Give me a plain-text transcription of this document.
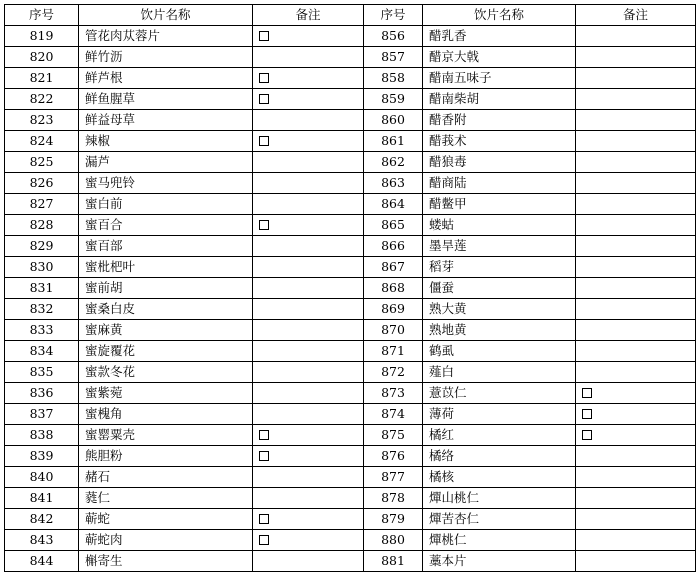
序号	饮片名称	备注	序号	饮片名称	备注
819	管花肉苁蓉片		856	醋乳香	
820	鲜竹沥		857	醋京大戟	
821	鲜芦根		858	醋南五味子	
822	鲜鱼腥草		859	醋南柴胡	
823	鲜益母草		860	醋香附	
824	辣椒		861	醋莪术	
825	漏芦		862	醋狼毒	
826	蜜马兜铃		863	醋商陆	
827	蜜白前		864	醋鳖甲	
828	蜜百合		865	蝼蛄	
829	蜜百部		866	墨旱莲	
830	蜜枇杷叶		867	稻芽	
831	蜜前胡		868	僵蚕	
832	蜜桑白皮		869	熟大黄	
833	蜜麻黄		870	熟地黄	
834	蜜旋覆花		871	鹤虱	
835	蜜款冬花		872	薤白	
836	蜜紫菀		873	薏苡仁	
837	蜜槐角		874	薄荷	
838	蜜罂粟壳		875	橘红	
839	熊胆粉		876	橘络	
840	赭石		877	橘核	
841	蕤仁		878	燀山桃仁	
842	蕲蛇		879	燀苦杏仁	
843	蕲蛇肉		880	燀桃仁	
844	槲寄生		881	藁本片	
